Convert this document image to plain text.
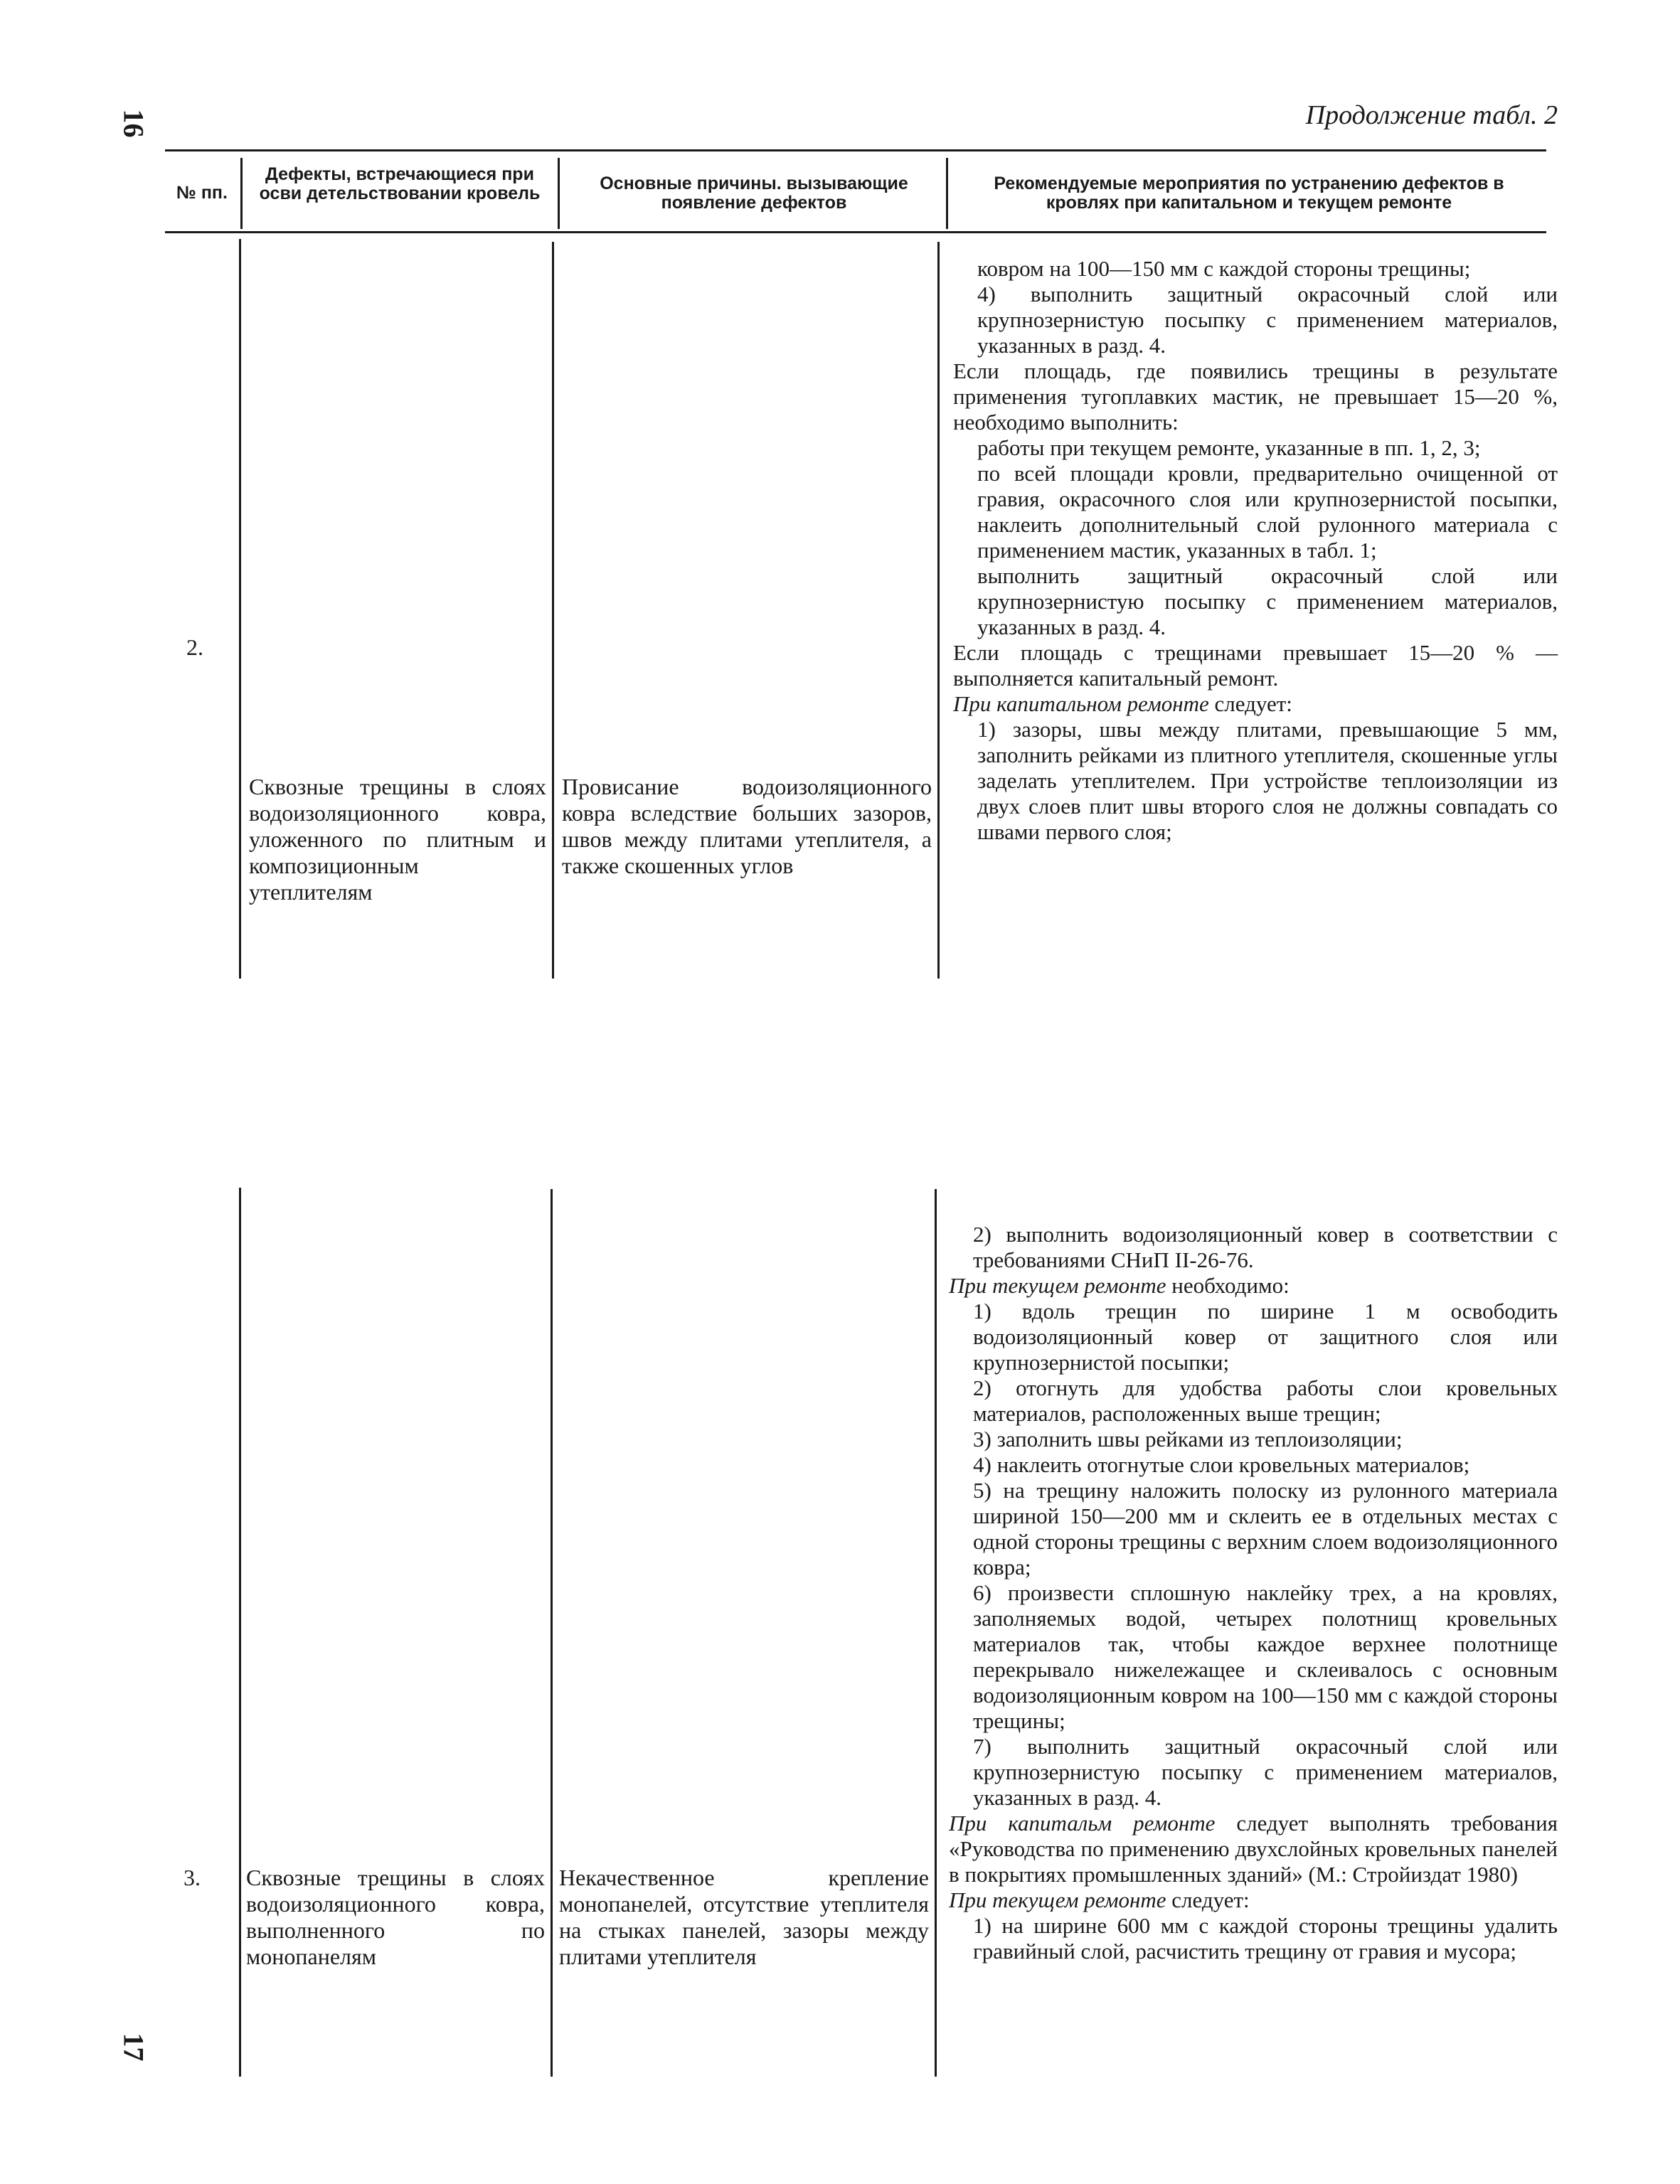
16	Продолжение табл. 2
17
№ пп.
Дефекты, встречающиеся при осви детельствовании кровель	Основные причины. вызывающие появление дефектов
Рекомендуемые мероприятия по устранению дефектов в кровлях при капитальном и текущем ремонте
2.
Сквозные трещины в слоях водоизоляционного ковра, уложенного по плитным и композиционным утеплителям
Провисание водоизоляционного ковра вследствие больших зазоров, швов между плитами утеплителя, а также скошенных углов

ковром на 100—150 мм с каждой стороны трещины;

4) выполнить защитный окрасочный слой или крупнозернистую посыпку с применением материалов, указанных в разд. 4.

Если площадь, где появились трещины в результате применения тугоплавких мастик, не превышает 15—20 %, необходимо выполнить:

работы при текущем ремонте, указанные в пп. 1, 2, 3;

по всей площади кровли, предварительно очищенной от гравия, окрасочного слоя или крупнозернистой посыпки, наклеить дополнительный слой рулонного материала с применением мастик, указанных в табл. 1;

выполнить защитный окрасочный слой или крупнозернистую посыпку с применением материалов, указанных в разд. 4.

Если площадь с трещинами превышает 15—20 % — выполняется капитальный ремонт.

При капитальном ремонте следует:

1) зазоры, швы между плитами, превышающие 5 мм, заполнить рейками из плитного утеплителя, скошенные углы заделать утеплителем. При устройстве теплоизоляции из двух слоев плит швы второго слоя не должны совпадать со швами первого слоя;

3. Сквозные трещины в слоях водоизоляционного ковра, выполненного по монопанелям
Некачественное крепление монопанелей, отсутствие утеплителя на стыках панелей, зазоры между плитами утеплителя

2) выполнить водоизоляционный ковер в соответствии с требованиями СНиП II-26-76.

При текущем ремонте необходимо:

1) вдоль трещин по ширине 1 м освободить водоизоляционный ковер от защитного слоя или крупнозернистой посыпки;

2) отогнуть для удобства работы слои кровельных материалов, расположенных выше трещин;

3) заполнить швы рейками из теплоизоляции;

4) наклеить отогнутые слои кровельных материалов;

5) на трещину наложить полоску из рулонного материала шириной 150—200 мм и склеить ее в отдельных местах с одной стороны трещины с верхним слоем водоизоляционного ковра;

6) произвести сплошную наклейку трех, а на кровлях, заполняемых водой, четырех полотнищ кровельных материалов так, чтобы каждое верхнее полотнище перекрывало нижележащее и склеивалось с основным водоизоляционным ковром на 100—150 мм с каждой стороны трещины;

7) выполнить защитный окрасочный слой или крупнозернистую посыпку с применением материалов, указанных в разд. 4.

При капитальм ремонте следует выполнять требования «Руководства по применению двухслойных кровельных панелей в покрытиях промышленных зданий» (М.: Стройиздат 1980)

При текущем ремонте следует:

1) на ширине 600 мм с каждой стороны трещины удалить гравийный слой, расчистить трещину от гравия и мусора;
